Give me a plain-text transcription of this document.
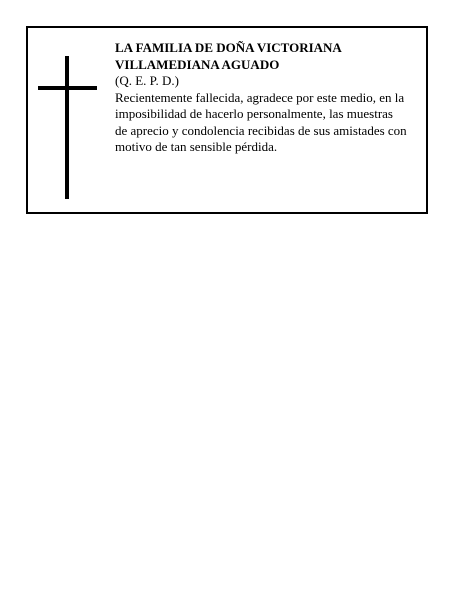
LA FAMILIA DE DOÑA VICTORIANA
VILLAMEDIANA AGUADO

(Q. E. P. D.)

Recientemente fallecida, agradece por este medio, en la
imposibilidad de hacerlo personalmente, las muestras
de aprecio y condolencia recibidas de sus amistades con
motivo de tan sensible pérdida.
